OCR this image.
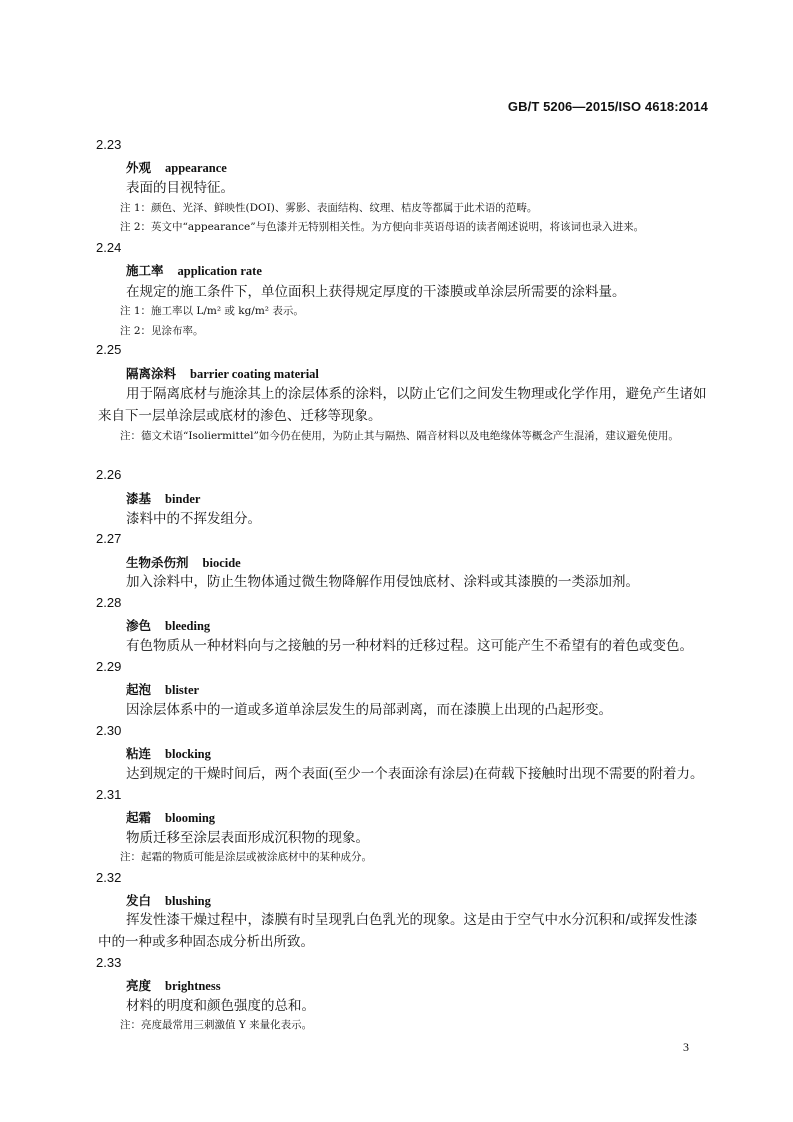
GB/T 5206—2015/ISO 4618:2014
2.23
外观 appearance
表面的目视特征。
注 1：颜色、光泽、鲜映性(DOI)、雾影、表面结构、纹理、桔皮等都属于此术语的范畴。
注 2：英文中“appearance”与色漆并无特别相关性。为方便向非英语母语的读者阐述说明，将该词也录入进来。
2.24
施工率 application rate
在规定的施工条件下，单位面积上获得规定厚度的干漆膜或单涂层所需要的涂料量。
注 1：施工率以 L/m² 或 kg/m² 表示。
注 2：见涂布率。
2.25
隔离涂料 barrier coating material
用于隔离底材与施涂其上的涂层体系的涂料，以防止它们之间发生物理或化学作用，避免产生诸如来自下一层单涂层或底材的渗色、迁移等现象。
注：德文术语“Isoliermittel”如今仍在使用，为防止其与隔热、隔音材料以及电绝缘体等概念产生混淆，建议避免使用。
2.26
漆基 binder
漆料中的不挥发组分。
2.27
生物杀伤剂 biocide
加入涂料中，防止生物体通过微生物降解作用侵蚀底材、涂料或其漆膜的一类添加剂。
2.28
渗色 bleeding
有色物质从一种材料向与之接触的另一种材料的迁移过程。这可能产生不希望有的着色或变色。
2.29
起泡 blister
因涂层体系中的一道或多道单涂层发生的局部剥离，而在漆膜上出现的凸起形变。
2.30
粘连 blocking
达到规定的干燥时间后，两个表面(至少一个表面涂有涂层)在荷载下接触时出现不需要的附着力。
2.31
起霜 blooming
物质迁移至涂层表面形成沉积物的现象。
注：起霜的物质可能是涂层或被涂底材中的某种成分。
2.32
发白 blushing
挥发性漆干燥过程中，漆膜有时呈现乳白色乳光的现象。这是由于空气中水分沉积和/或挥发性漆中的一种或多种固态成分析出所致。
2.33
亮度 brightness
材料的明度和颜色强度的总和。
注：亮度最常用三刺激值 Y 来量化表示。
3
